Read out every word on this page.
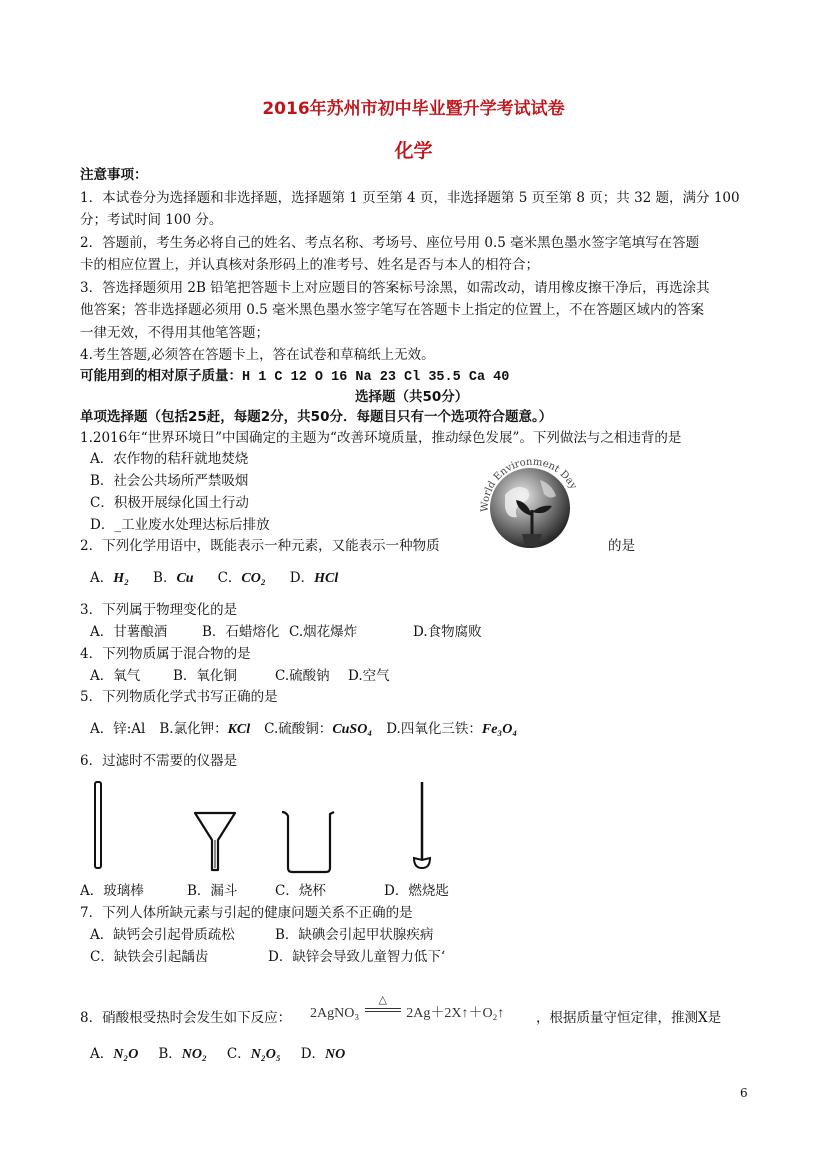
2016年苏州市初中毕业暨升学考试试卷
化学
注意事项：
1．本试卷分为选择题和非选择题，选择题第 1 页至第 4 页，非选择题第 5 页至第 8 页；共 32 题，满分 100
分；考试时间 100 分。
2．答题前，考生务必将自己的姓名、考点名称、考场号、座位号用 0.5 毫米黑色墨水签字笔填写在答题
卡的相应位置上，并认真核对条形码上的准考号、姓名是否与本人的相符合；
3．答选择题须用 2B 铅笔把答题卡上对应题目的答案标号涂黑，如需改动，请用橡皮擦干净后，再选涂其
他答案；答非选择题必须用 0.5 毫米黑色墨水签字笔写在答题卡上指定的位置上，不在答题区域内的答案
一律无效，不得用其他笔答题；
4.考生答题,必须答在答题卡上，答在试卷和草稿纸上无效。
可能用到的相对原子质量：H 1 C 12 O 16 Na 23 Cl 35.5 Ca 40
选择题（共50分）
单项选择题（包括25赶，每题2分，共50分．每题目只有一个选项符合题意。）
1.2016年“世界环境日”中国确定的主题为“改善环境质量，推动绿色发展”。下列做法与之相违背的是
A．农作物的秸秆就地焚烧
B．社会公共场所严禁吸烟
C．积极开展绿化国土行动
D．_工业废水处理达标后排放
World Environment Day
2．下列化学用语中，既能表示一种元素，又能表示一种物质	的是
A．H₂ B．Cu C．CO₂ D．HCl
3．下列属于物理变化的是
A．甘薯酿酒	B．石蜡熔化 C.烟花爆炸	D.食物腐败
4．下列物质属于混合物的是
A．氧气 B．氧化铜	C.硫酸钠 D.空气
5．下列物质化学式书写正确的是
A．锌:Al B.氯化钾：KCl C.硫酸铜：CuSO₄ D.四氧化三铁：Fe₃O₄
6．过滤时不需要的仪器是
A．玻璃棒	B．漏斗	C．烧杯	D．燃烧匙
7．下列人体所缺元素与引起的健康问题关系不正确的是
A．缺钙会引起骨质疏松	B．缺碘会引起甲状腺疾病
C．缺铁会引起龋齿	D．缺锌会导致儿童智力低下‘
8．硝酸根受热时会发生如下反应： 2AgNO₃
△
2Ag＋2X↑＋O₂↑ ，根据质量守恒定律，推测X是
A．N₂O B．NO₂ C．N₂O₅ D．NO
6
